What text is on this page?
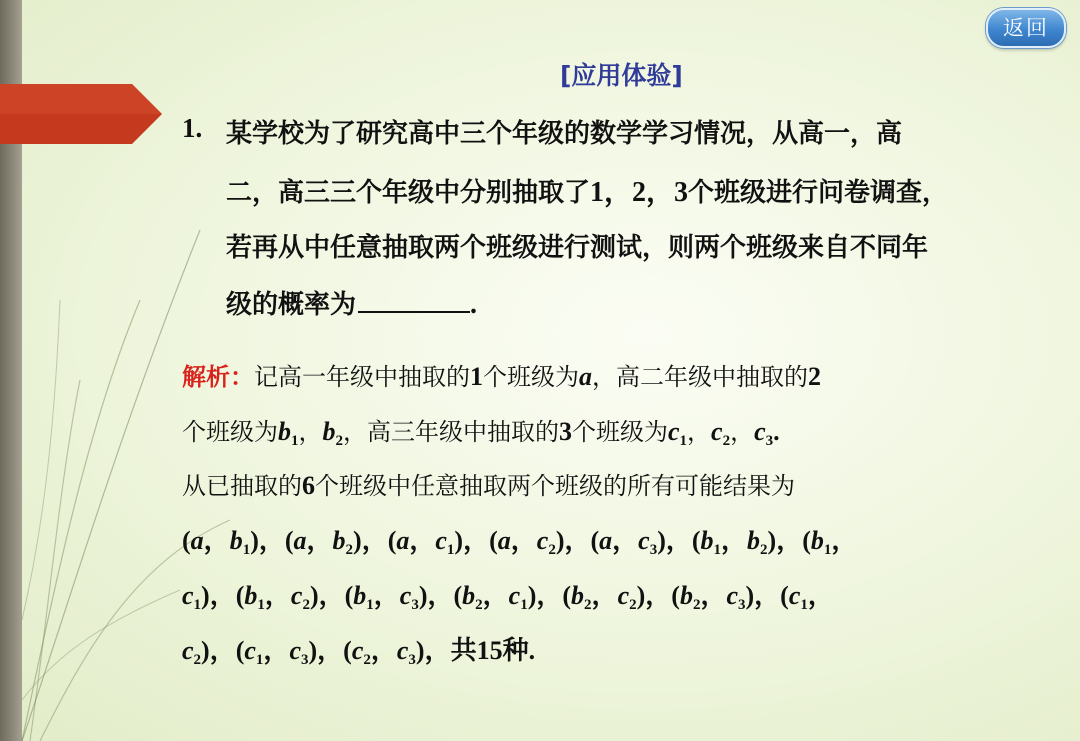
返回
[应用体验]
1. 某学校为了研究高中三个年级的数学学习情况，从高一，高
二，高三三个年级中分别抽取了1，2，3个班级进行问卷调查，
若再从中任意抽取两个班级进行测试，则两个班级来自不同年
级的概率为	.
解析：记高一年级中抽取的1个班级为a，高二年级中抽取的2
个班级为$b_1$，$b_2$，高三年级中抽取的3个班级为$c_1$，$c_2$，$c_3$.
从已抽取的6个班级中任意抽取两个班级的所有可能结果为
(a，$b_1$)，(a，$b_2$)，(a，$c_1$)，(a，$c_2$)，(a，$c_3$)，($b_1$，$b_2$)，($b_1$，
$c_1$)，($b_1$，$c_2$)，($b_1$，$c_3$)，($b_2$，$c_1$)，($b_2$，$c_2$)，($b_2$，$c_3$)，($c_1$，
$c_2$)，($c_1$，$c_3$)，($c_2$，$c_3$)，共15种.
